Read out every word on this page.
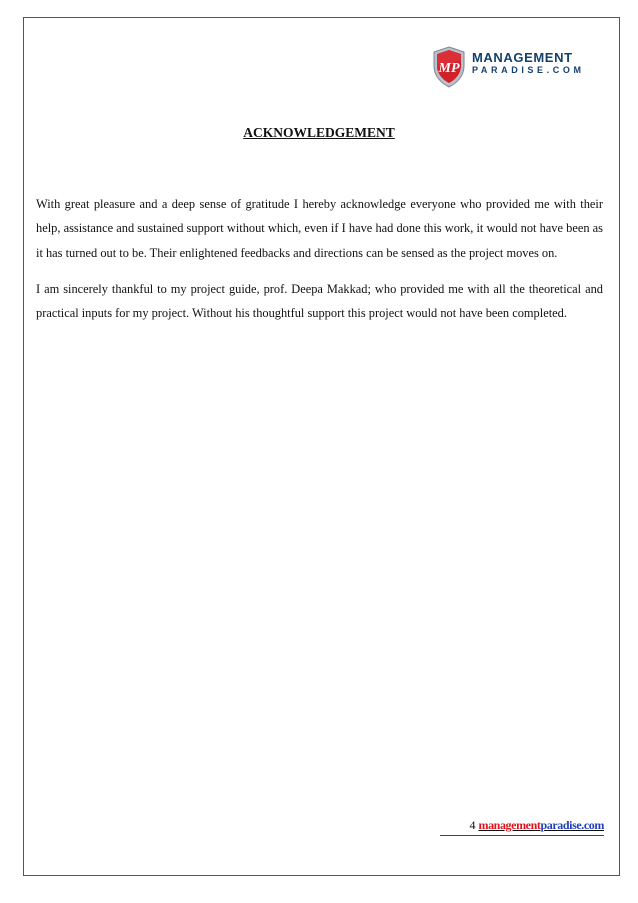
MP
MANAGEMENT
PARADISE.COM
ACKNOWLEDGEMENT

With great pleasure and a deep sense of gratitude I hereby acknowledge everyone who provided me with their help, assistance and sustained support without which, even if I have had done this work, it would not have been as it has turned out to be. Their enlightened feedbacks and directions can be sensed as the project moves on.

I am sincerely thankful to my project guide, prof. Deepa Makkad; who provided me with all the theoretical and practical inputs for my project. Without his thoughtful support this project would not have been completed.

4 managementparadise.com
